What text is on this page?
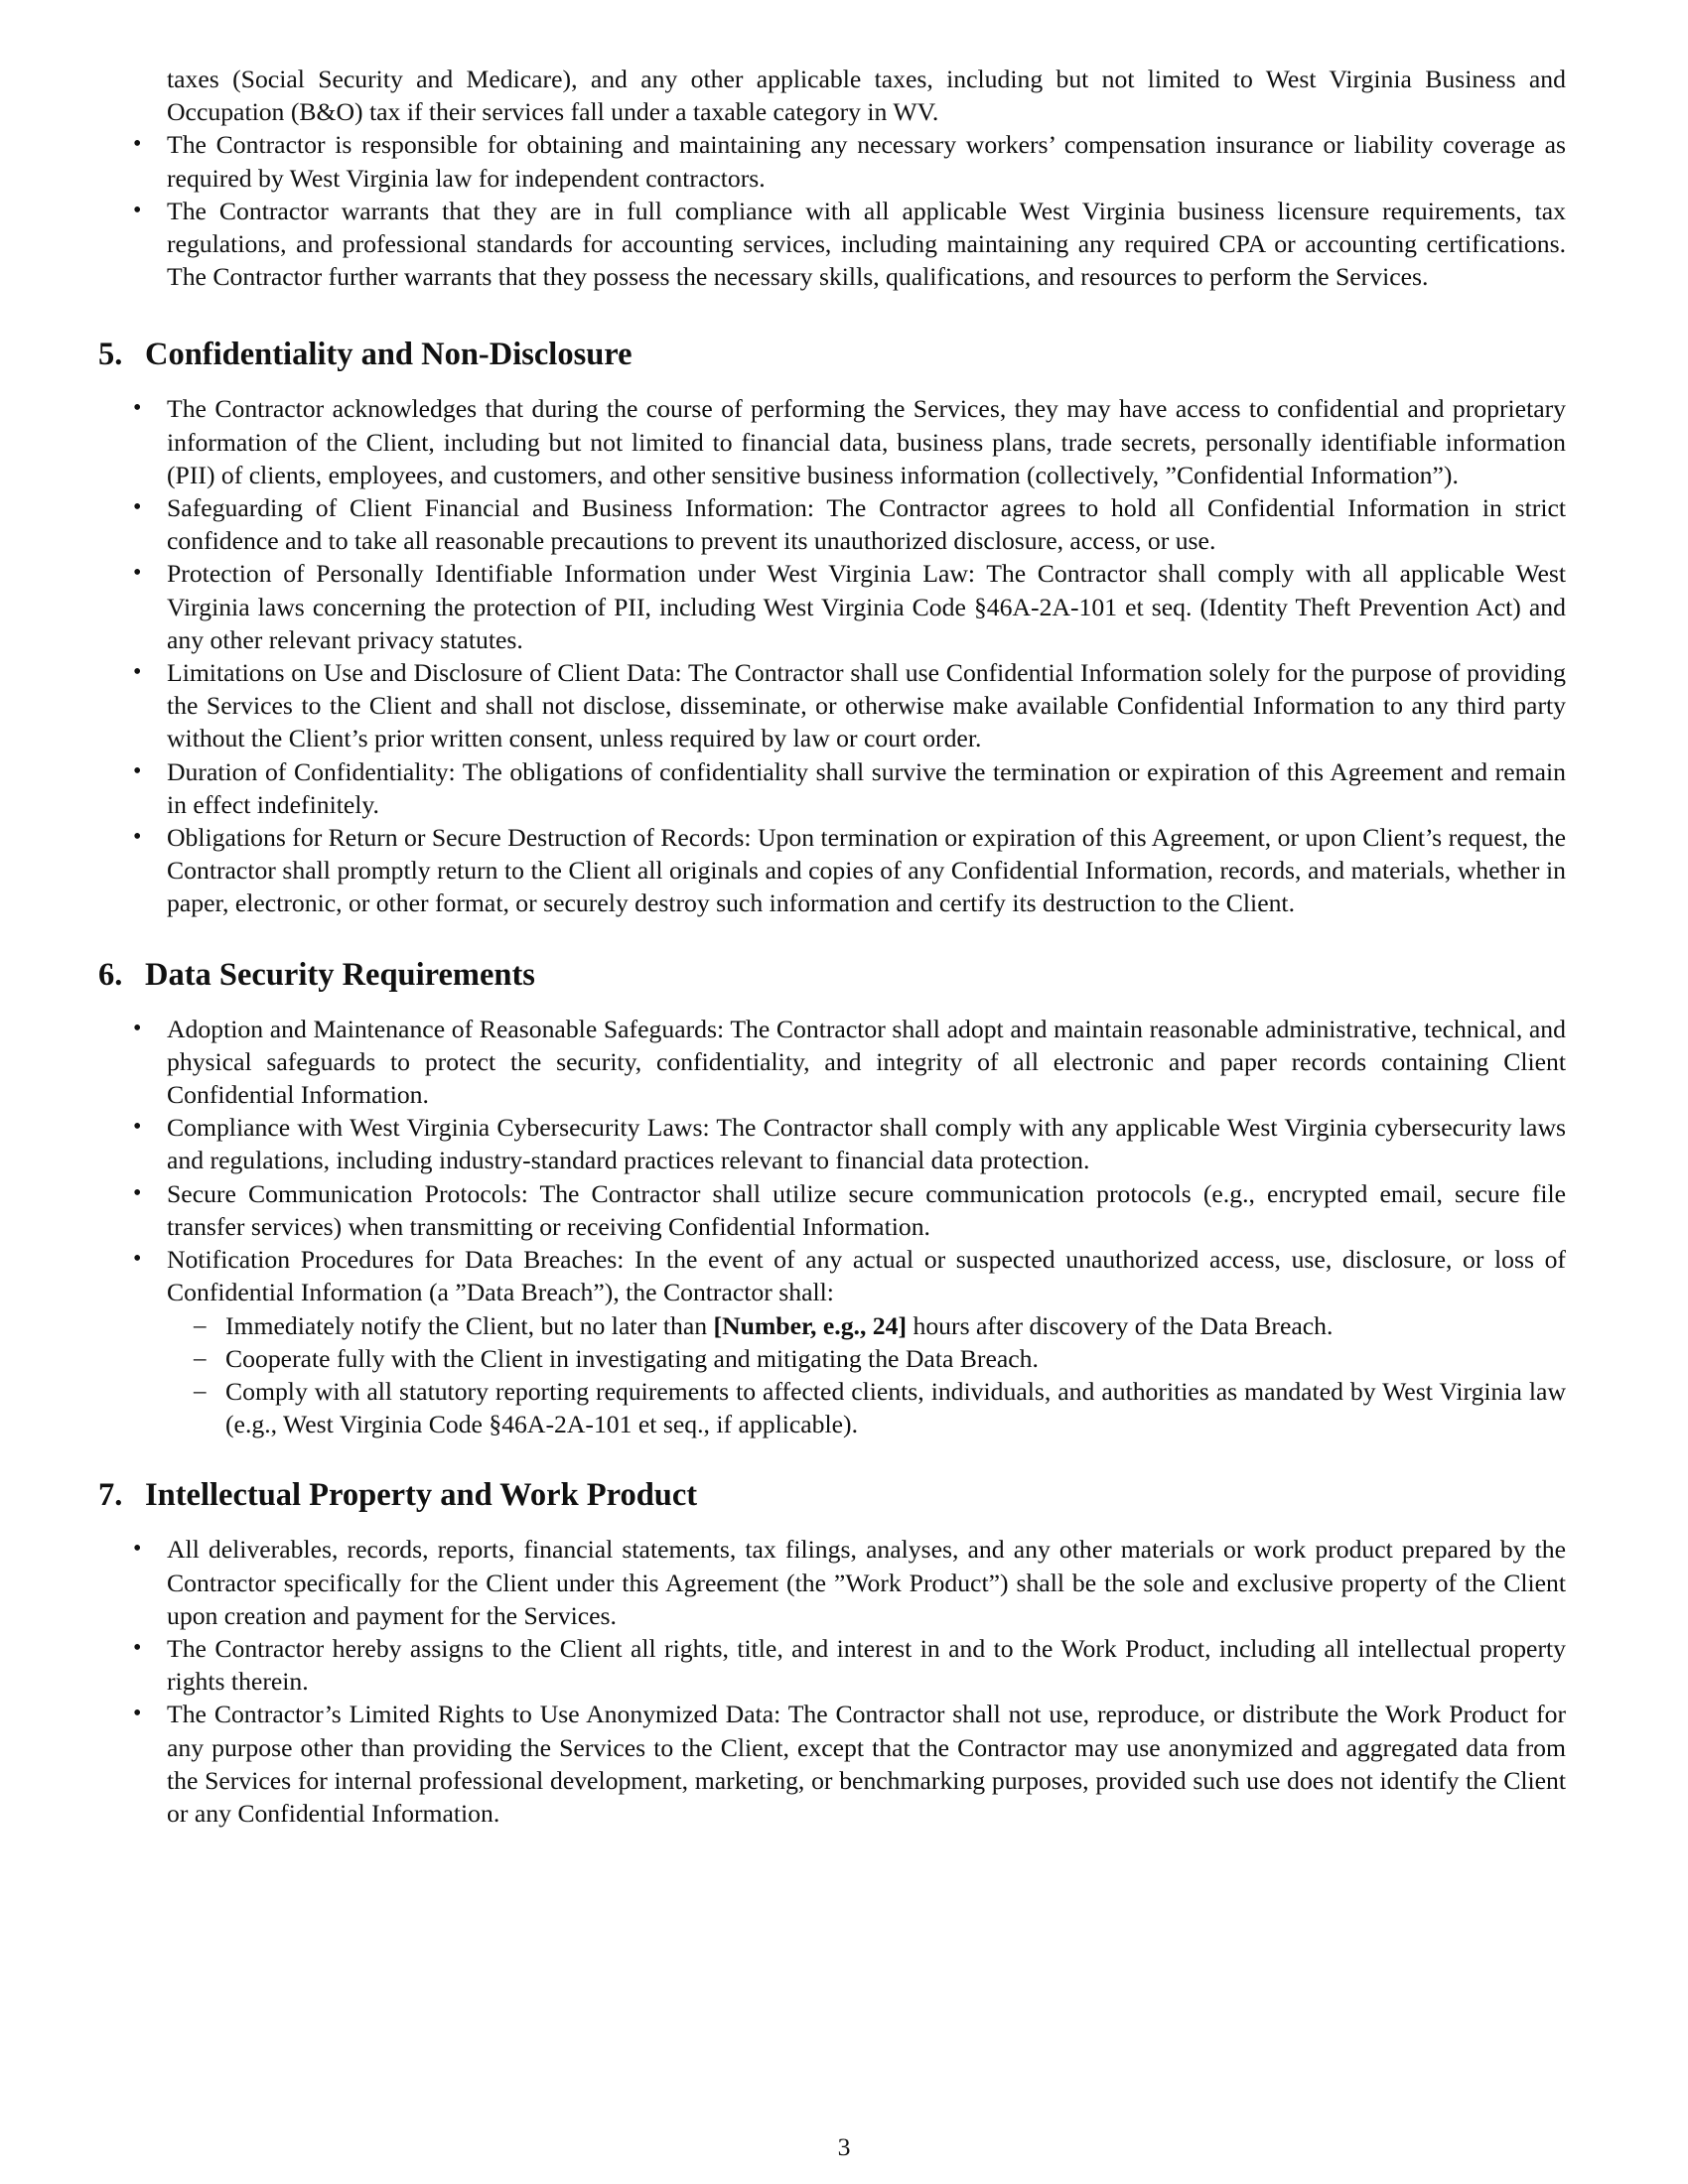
taxes (Social Security and Medicare), and any other applicable taxes, including but not limited to West Virginia Business and Occupation (B&O) tax if their services fall under a taxable category in WV.
• The Contractor is responsible for obtaining and maintaining any necessary workers’ compensation insurance or liability coverage as required by West Virginia law for independent contractors.
• The Contractor warrants that they are in full compliance with all applicable West Virginia business licensure requirements, tax regulations, and professional standards for accounting services, including maintaining any required CPA or accounting certifications. The Contractor further warrants that they possess the necessary skills, qualifications, and resources to perform the Services.
5. Confidentiality and Non-Disclosure
• The Contractor acknowledges that during the course of performing the Services, they may have access to confidential and proprietary information of the Client, including but not limited to financial data, business plans, trade secrets, personally identifiable information (PII) of clients, employees, and customers, and other sensitive business information (collectively, ”Confidential Information”).
• Safeguarding of Client Financial and Business Information: The Contractor agrees to hold all Confidential Information in strict confidence and to take all reasonable precautions to prevent its unauthorized disclosure, access, or use.
• Protection of Personally Identifiable Information under West Virginia Law: The Contractor shall comply with all applicable West Virginia laws concerning the protection of PII, including West Virginia Code §46A-2A-101 et seq. (Identity Theft Prevention Act) and any other relevant privacy statutes.
• Limitations on Use and Disclosure of Client Data: The Contractor shall use Confidential Information solely for the purpose of providing the Services to the Client and shall not disclose, disseminate, or otherwise make available Confidential Information to any third party without the Client’s prior written consent, unless required by law or court order.
• Duration of Confidentiality: The obligations of confidentiality shall survive the termination or expiration of this Agreement and remain in effect indefinitely.
• Obligations for Return or Secure Destruction of Records: Upon termination or expiration of this Agreement, or upon Client’s request, the Contractor shall promptly return to the Client all originals and copies of any Confidential Information, records, and materials, whether in paper, electronic, or other format, or securely destroy such information and certify its destruction to the Client.
6. Data Security Requirements
• Adoption and Maintenance of Reasonable Safeguards: The Contractor shall adopt and maintain reasonable administrative, technical, and physical safeguards to protect the security, confidentiality, and integrity of all electronic and paper records containing Client Confidential Information.
• Compliance with West Virginia Cybersecurity Laws: The Contractor shall comply with any applicable West Virginia cybersecurity laws and regulations, including industry-standard practices relevant to financial data protection.
• Secure Communication Protocols: The Contractor shall utilize secure communication protocols (e.g., encrypted email, secure file transfer services) when transmitting or receiving Confidential Information.
• Notification Procedures for Data Breaches: In the event of any actual or suspected unauthorized access, use, disclosure, or loss of Confidential Information (a ”Data Breach”), the Contractor shall:
– Immediately notify the Client, but no later than [Number, e.g., 24] hours after discovery of the Data Breach.
– Cooperate fully with the Client in investigating and mitigating the Data Breach.
– Comply with all statutory reporting requirements to affected clients, individuals, and authorities as mandated by West Virginia law (e.g., West Virginia Code §46A-2A-101 et seq., if applicable).
7. Intellectual Property and Work Product
• All deliverables, records, reports, financial statements, tax filings, analyses, and any other materials or work product prepared by the Contractor specifically for the Client under this Agreement (the ”Work Product”) shall be the sole and exclusive property of the Client upon creation and payment for the Services.
• The Contractor hereby assigns to the Client all rights, title, and interest in and to the Work Product, including all intellectual property rights therein.
• The Contractor’s Limited Rights to Use Anonymized Data: The Contractor shall not use, reproduce, or distribute the Work Product for any purpose other than providing the Services to the Client, except that the Contractor may use anonymized and aggregated data from the Services for internal professional development, marketing, or benchmarking purposes, provided such use does not identify the Client or any Confidential Information.
3
